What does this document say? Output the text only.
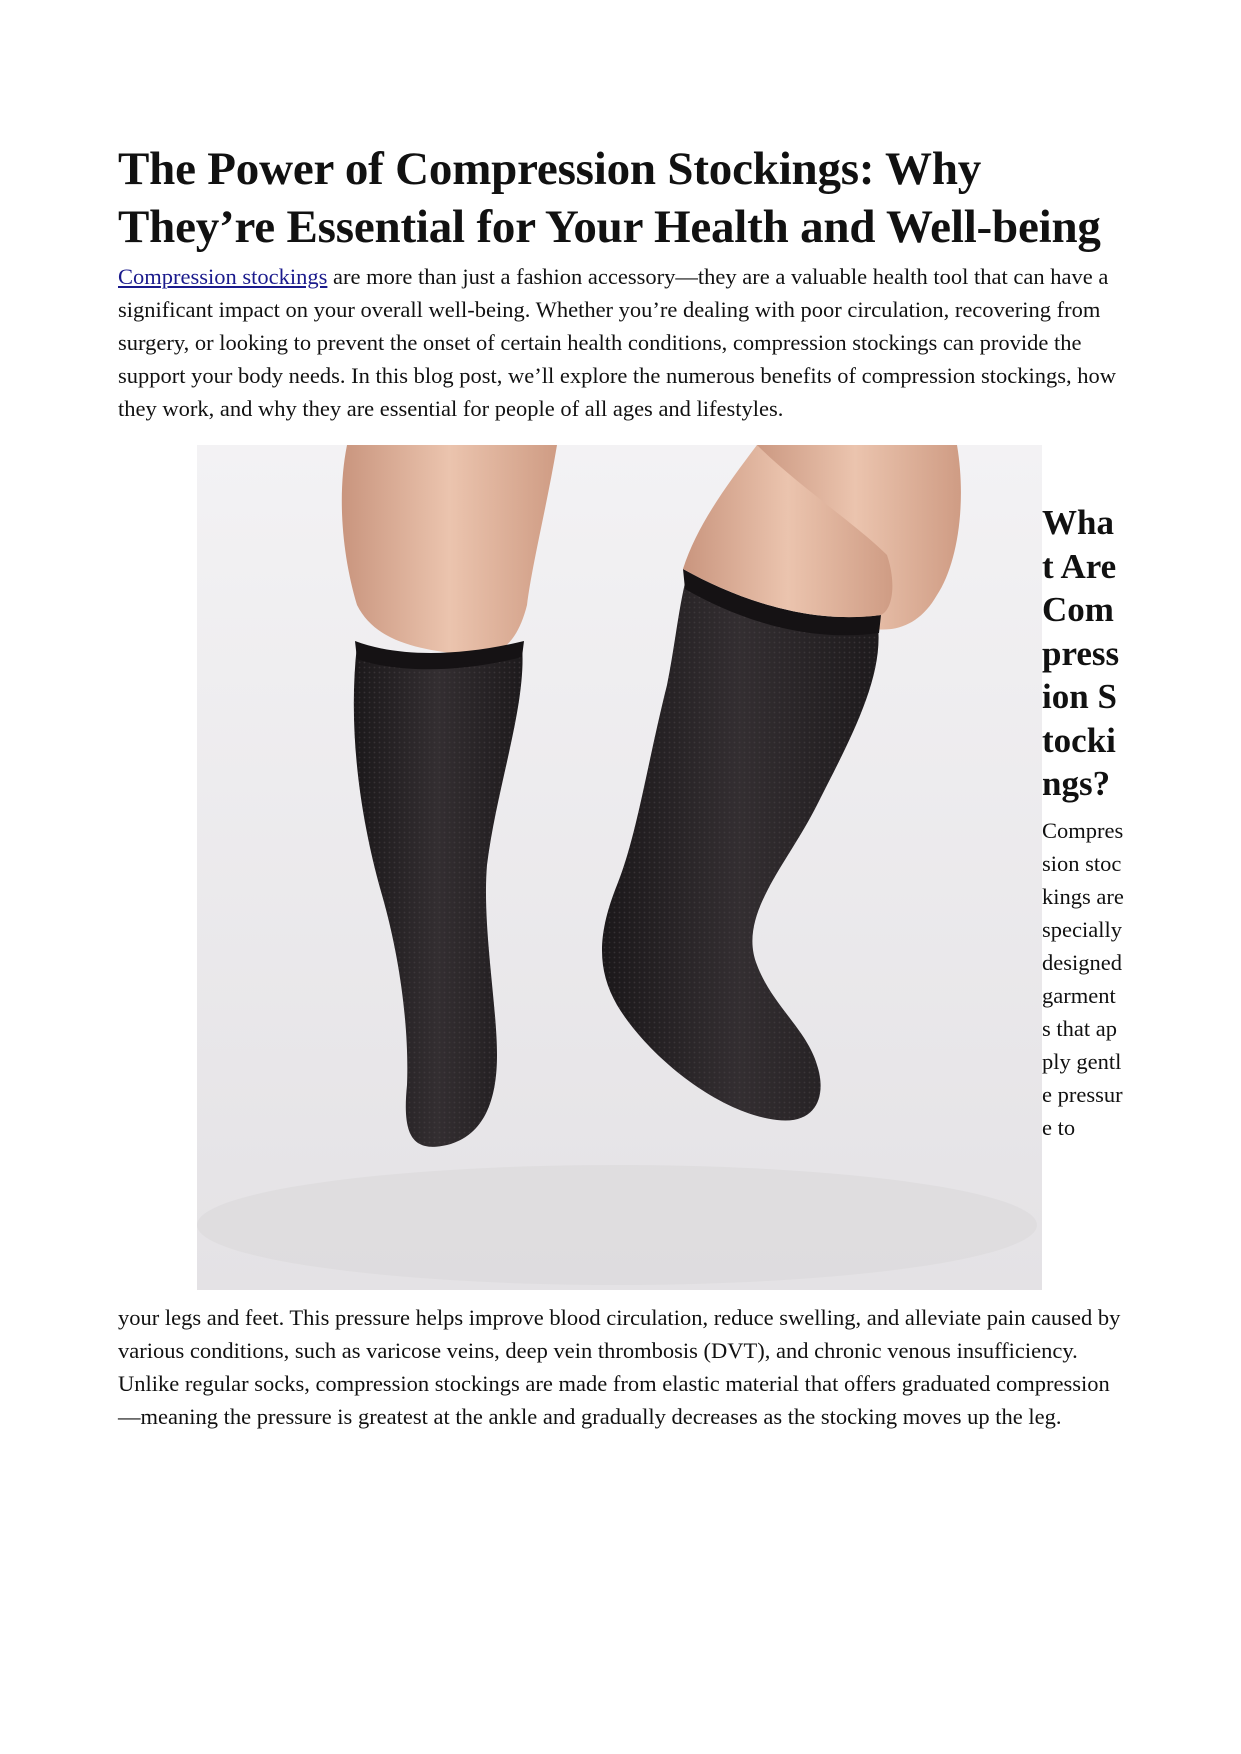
The Power of Compression Stockings: Why They’re Essential for Your Health and Well-being

Compression stockings are more than just a fashion accessory—they are a valuable health tool that can have a significant impact on your overall well-being. Whether you’re dealing with poor circulation, recovering from surgery, or looking to prevent the onset of certain health conditions, compression stockings can provide the support your body needs. In this blog post, we’ll explore the numerous benefits of compression stockings, how they work, and why they are essential for people of all ages and lifestyles.

What Are Compression Stockings?

Compression stockings are specially designed garments that apply gentle pressure to

your legs and feet. This pressure helps improve blood circulation, reduce swelling, and alleviate pain caused by various conditions, such as varicose veins, deep vein thrombosis (DVT), and chronic venous insufficiency. Unlike regular socks, compression stockings are made from elastic material that offers graduated compression—meaning the pressure is greatest at the ankle and gradually decreases as the stocking moves up the leg.
